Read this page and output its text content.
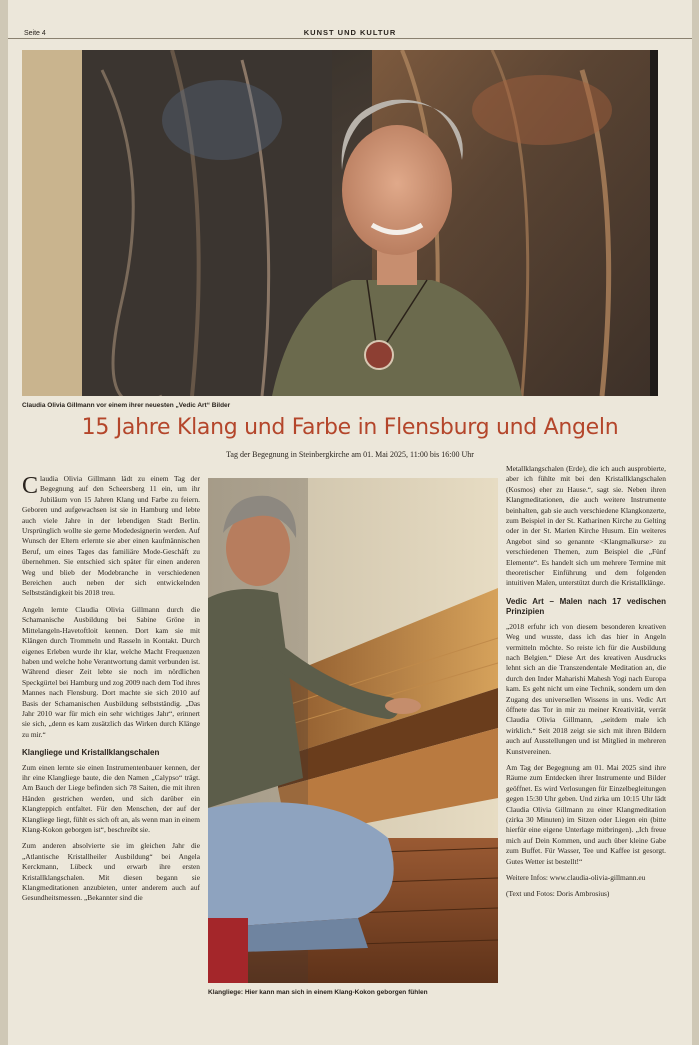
Seite 4	KUNST UND KULTUR
Claudia Olivia Gillmann vor einem ihrer neuesten „Vedic Art“ Bilder
15 Jahre Klang und Farbe in Flensburg und Angeln
Tag der Begegnung in Steinbergkirche am 01. Mai 2025, 11:00 bis 16:00 Uhr

Claudia Olivia Gillmann lädt zu einem Tag der Begegnung auf den Scheersberg 11 ein, um ihr Jubiläum von 15 Jahren Klang und Farbe zu feiern. Geboren und aufgewachsen ist sie in Hamburg und lebte auch viele Jahre in der lebendigen Stadt Berlin. Ursprünglich wollte sie gerne Modedesignerin werden. Auf Wunsch der Eltern erlernte sie aber einen kaufmännischen Beruf, um eines Tages das familiäre Mode-Geschäft zu übernehmen. Sie entschied sich später für einen anderen Weg und blieb der Modebranche in verschiedenen Bereichen auch neben der sich entwickelnden Selbstständigkeit bis 2018 treu.

Angeln lernte Claudia Olivia Gillmann durch die Schamanische Ausbildung bei Sabine Gröne in Mittelangeln-Havetoftloit kennen. Dort kam sie mit Klängen durch Trommeln und Rasseln in Kontakt. Durch eigenes Erleben wurde ihr klar, welche Macht Frequenzen haben und welche hohe Verantwortung damit verbunden ist. Während dieser Zeit lebte sie noch im nördlichen Speckgürtel bei Hamburg und zog 2009 nach dem Tod ihres Mannes nach Flensburg. Dort machte sie sich 2010 auf Basis der Schamanischen Ausbildung selbstständig. „Das Jahr 2010 war für mich ein sehr wichtiges Jahr“, erinnert sie sich, „denn es kam zusätzlich das Wirken durch Klänge zu mir.“

Klangliege und Kristallklangschalen

Zum einen lernte sie einen Instrumentenbauer kennen, der ihr eine Klangliege baute, die den Namen „Calypso“ trägt. Am Bauch der Liege befinden sich 78 Saiten, die mit ihren Händen gestrichen werden, und sich darüber ein Klangteppich entfaltet. Für den Menschen, der auf der Klangliege liegt, fühlt es sich oft an, als wenn man in einem Klang-Kokon geborgen ist“, beschreibt sie.

Zum anderen absolvierte sie im gleichen Jahr die „Atlantische Kristallheiler Ausbildung“ bei Angela Kerckmann, Lübeck und erwarb ihre ersten Kristallklangschalen. Mit diesen begann sie Klangmeditationen anzubieten, unter anderem auch auf Gesundheitsmessen. „Bekannter sind die

Klangliege: Hier kann man sich in einem Klang-Kokon geborgen fühlen

Metallklangschalen (Erde), die ich auch ausprobierte, aber ich fühlte mit bei den Kristallklangschalen (Kosmos) eher zu Hause.“, sagt sie. Neben ihren Klangmeditationen, die auch weitere Instrumente beinhalten, gab sie auch verschiedene Klangkonzerte, zum Beispiel in der St. Katharinen Kirche zu Gelting oder in der St. Marien Kirche Husum. Ein weiteres Angebot sind so genannte <Klangmalkurse> zu verschiedenen Themen, zum Beispiel die „Fünf Elemente“. Es handelt sich um mehrere Termine mit theoretischer Einführung und dem folgenden intuitiven Malen, unterstützt durch die Kristallklänge.

Vedic Art – Malen nach 17 vedischen Prinzipien

„2018 erfuhr ich von diesem besonderen kreativen Weg und wusste, dass ich das hier in Angeln vermitteln möchte. So reiste ich für die Ausbildung nach Belgien.“ Diese Art des kreativen Ausdrucks lehnt sich an die Transzendentale Meditation an, die durch den Inder Maharishi Mahesh Yogi nach Europa kam. Es geht nicht um eine Technik, sondern um den Zugang des universellen Wissens in uns. Vedic Art öffnete das Tor in mir zu meiner Kreativität, verrät Claudia Olivia Gillmann, „seitdem male ich wirklich.“ Seit 2018 zeigt sie sich mit ihren Bildern auch auf Ausstellungen und ist Mitglied in mehreren Kunstvereinen.

Am Tag der Begegnung am 01. Mai 2025 sind ihre Räume zum Entdecken ihrer Instrumente und Bilder geöffnet. Es wird Verlosungen für Einzelbegleitungen gegen 15:30 Uhr geben. Und zirka um 10:15 Uhr lädt Claudia Olivia Gillmann zu einer Klangmeditation (zirka 30 Minuten) im Sitzen oder Liegen ein (bitte hierfür eine eigene Unterlage mitbringen). „Ich freue mich auf Dein Kommen, und auch über kleine Gabe zum Buffet. Für Wasser, Tee und Kaffee ist gesorgt. Gutes Wetter ist bestellt!“

Weitere Infos: www.claudia-olivia-gillmann.eu

(Text und Fotos: Doris Ambrosius)
